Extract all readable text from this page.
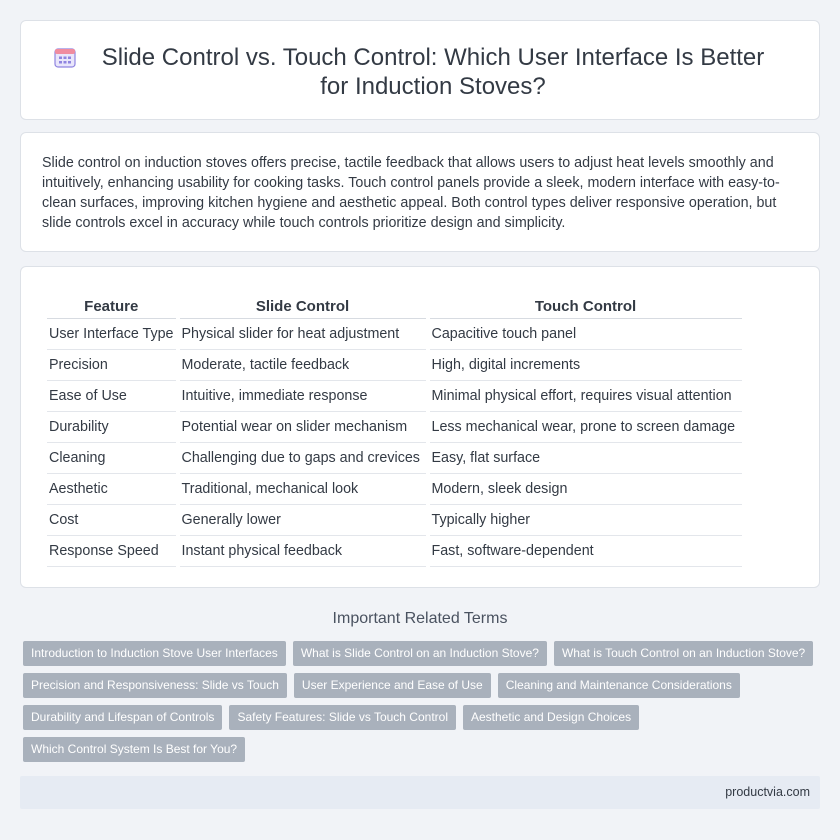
Slide Control vs. Touch Control: Which User Interface Is Better for Induction Stoves?

Slide control on induction stoves offers precise, tactile feedback that allows users to adjust heat levels smoothly and intuitively, enhancing usability for cooking tasks. Touch control panels provide a sleek, modern interface with easy-to-clean surfaces, improving kitchen hygiene and aesthetic appeal. Both control types deliver responsive operation, but slide controls excel in accuracy while touch controls prioritize design and simplicity.

Feature	Slide Control	Touch Control
User Interface Type	Physical slider for heat adjustment	Capacitive touch panel
Precision	Moderate, tactile feedback	High, digital increments
Ease of Use	Intuitive, immediate response	Minimal physical effort, requires visual attention
Durability	Potential wear on slider mechanism	Less mechanical wear, prone to screen damage
Cleaning	Challenging due to gaps and crevices	Easy, flat surface
Aesthetic	Traditional, mechanical look	Modern, sleek design
Cost	Generally lower	Typically higher
Response Speed	Instant physical feedback	Fast, software-dependent
Important Related Terms
Introduction to Induction Stove User Interfaces	What is Slide Control on an Induction Stove?	What is Touch Control on an Induction Stove?
Precision and Responsiveness: Slide vs Touch	User Experience and Ease of Use	Cleaning and Maintenance Considerations
Durability and Lifespan of Controls	Safety Features: Slide vs Touch Control	Aesthetic and Design Choices
Which Control System Is Best for You?
productvia.com
